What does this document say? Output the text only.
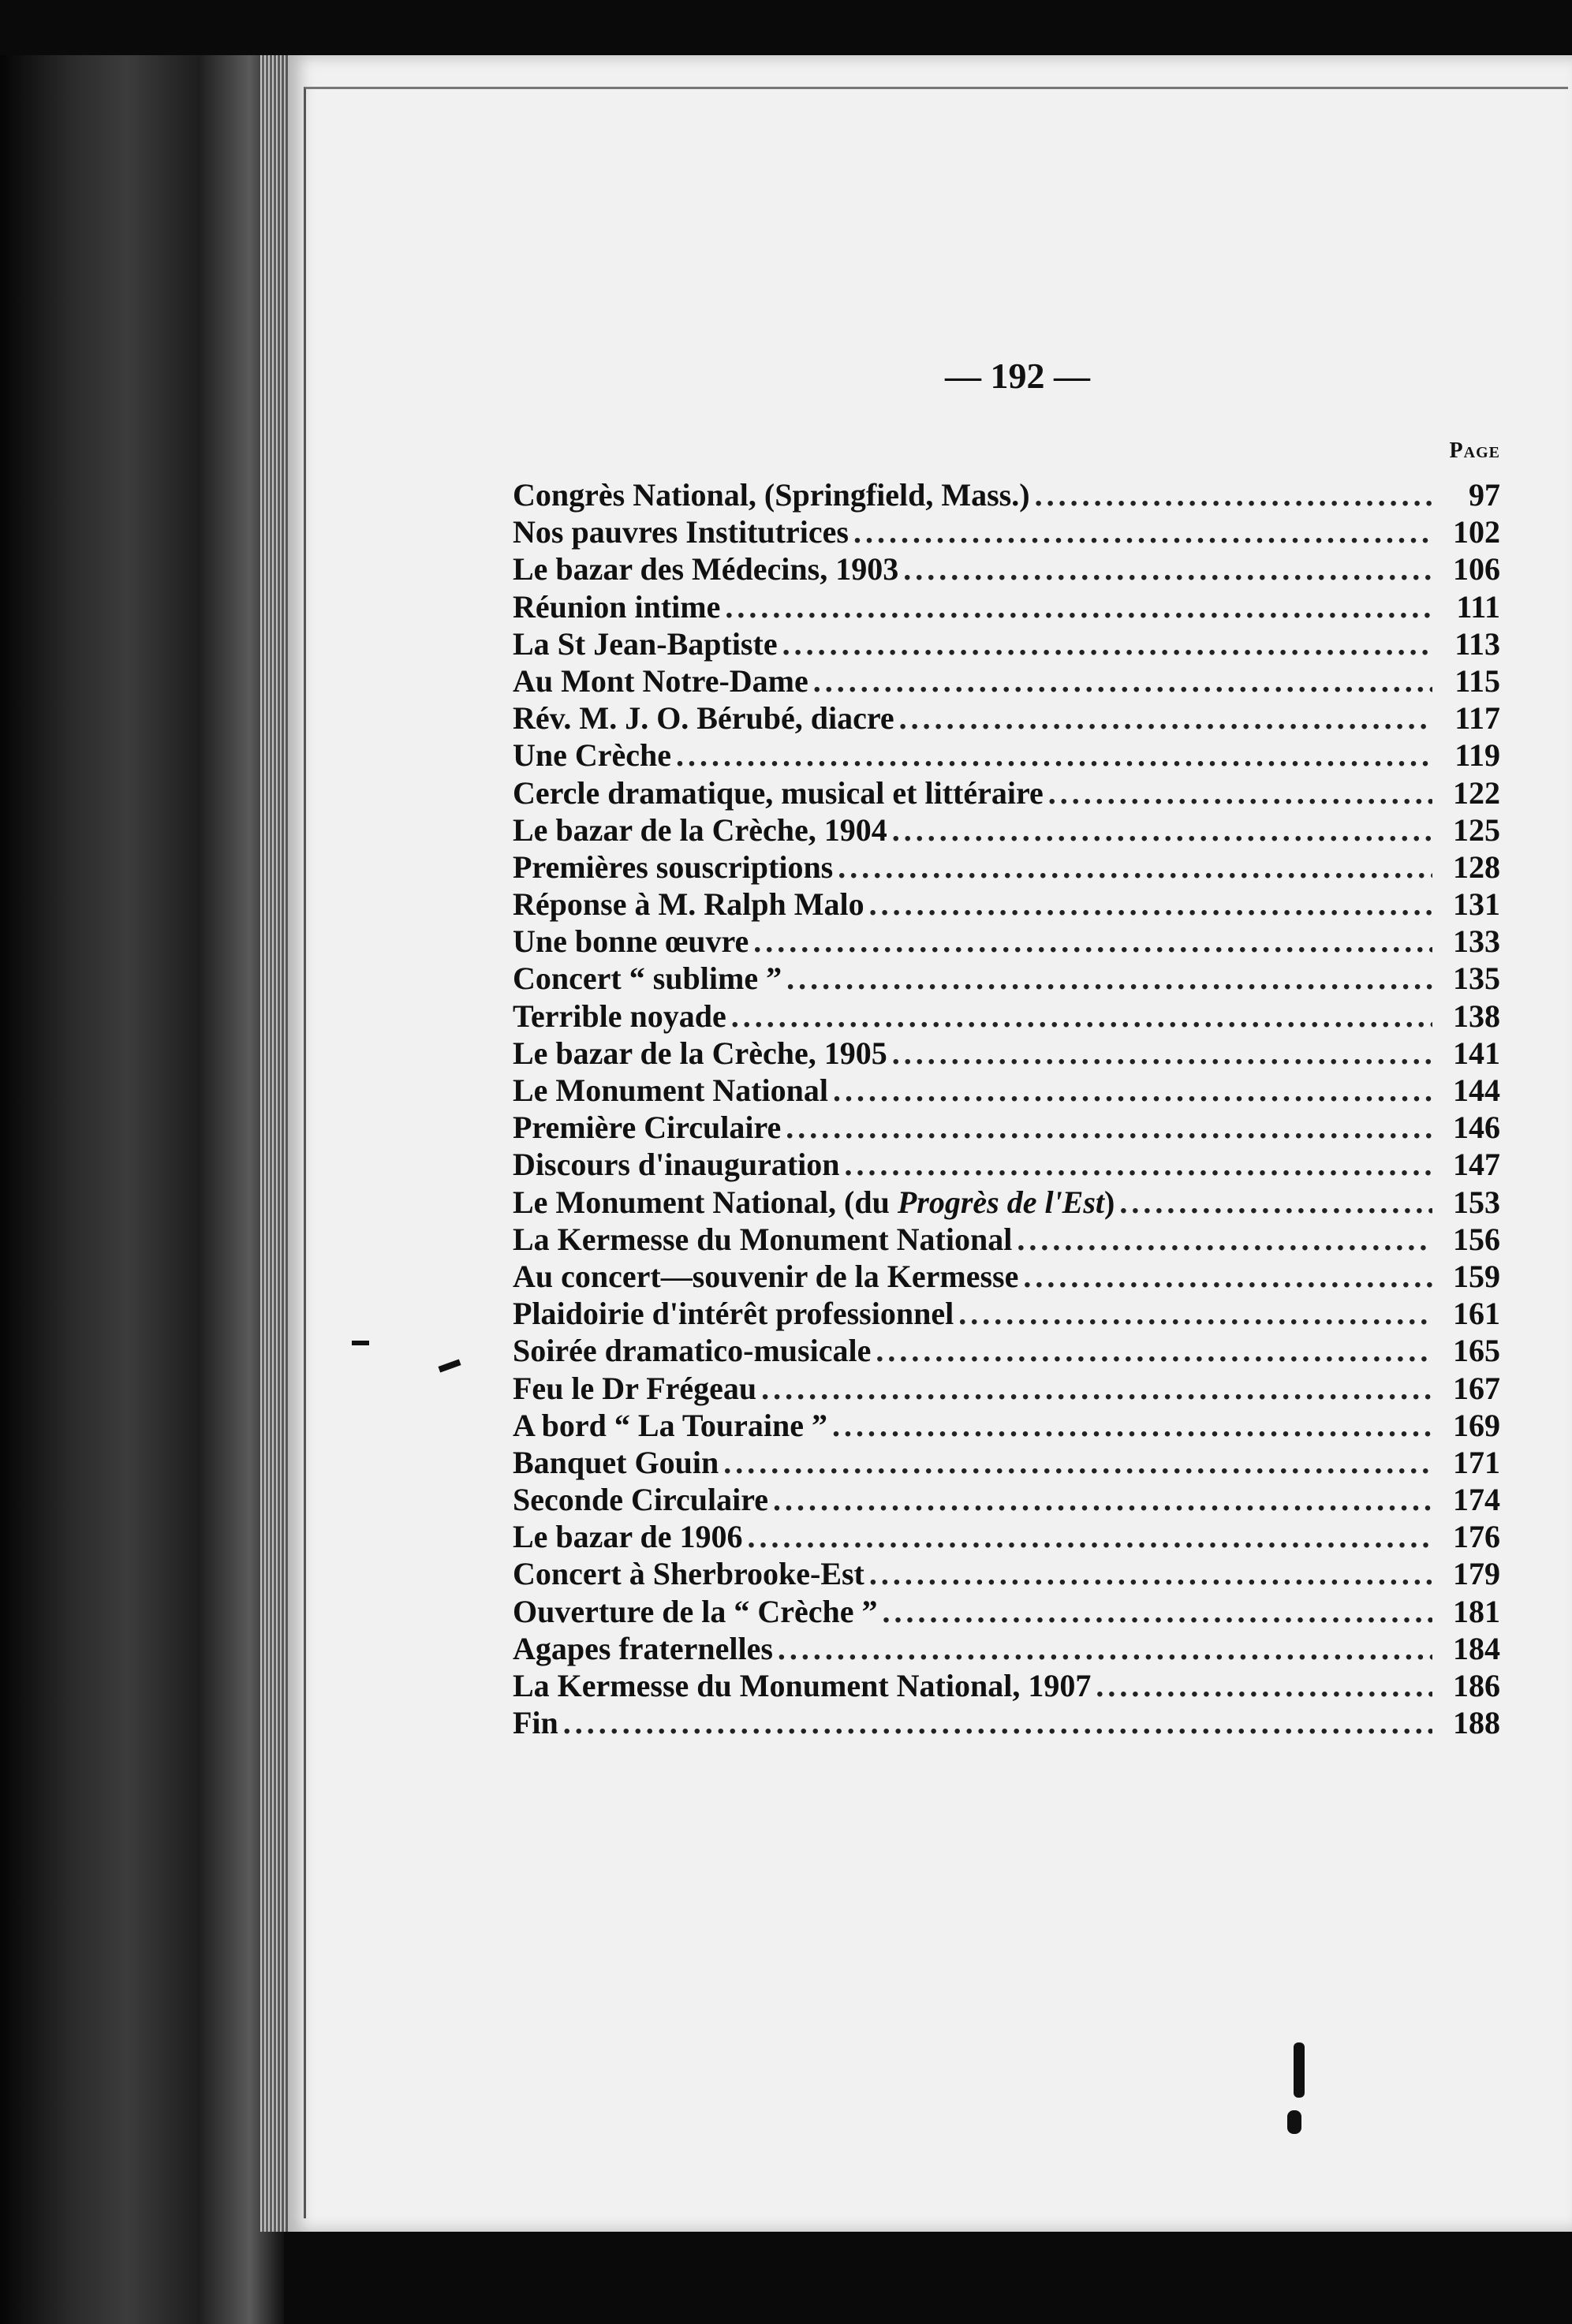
— 192 —
Page
Congrès National, (Springfield, Mass.) .....	97
Nos pauvres Institutrices .....	102
Le bazar des Médecins, 1903 .....	106
Réunion intime .....	111
La St Jean-Baptiste .....	113
Au Mont Notre-Dame .....	115
Rév. M. J. O. Bérubé, diacre .....	117
Une Crèche .....	119
Cercle dramatique, musical et littéraire .....	122
Le bazar de la Crèche, 1904 .....	125
Premières souscriptions .....	128
Réponse à M. Ralph Malo .....	131
Une bonne œuvre .....	133
Concert “ sublime ” .....	135
Terrible noyade .....	138
Le bazar de la Crèche, 1905 .....	141
Le Monument National .....	144
Première Circulaire .....	146
Discours d'inauguration .....	147
Le Monument National, (du Progrès de l'Est) .....	153
La Kermesse du Monument National .....	156
Au concert—souvenir de la Kermesse .....	159
Plaidoirie d'intérêt professionnel .....	161
Soirée dramatico-musicale .....	165
Feu le Dr Frégeau .....	167
A bord “ La Touraine ” .....	169
Banquet Gouin .....	171
Seconde Circulaire .....	174
Le bazar de 1906 .....	176
Concert à Sherbrooke-Est .....	179
Ouverture de la “ Crèche ” .....	181
Agapes fraternelles .....	184
La Kermesse du Monument National, 1907 .....	186
Fin .....	188
